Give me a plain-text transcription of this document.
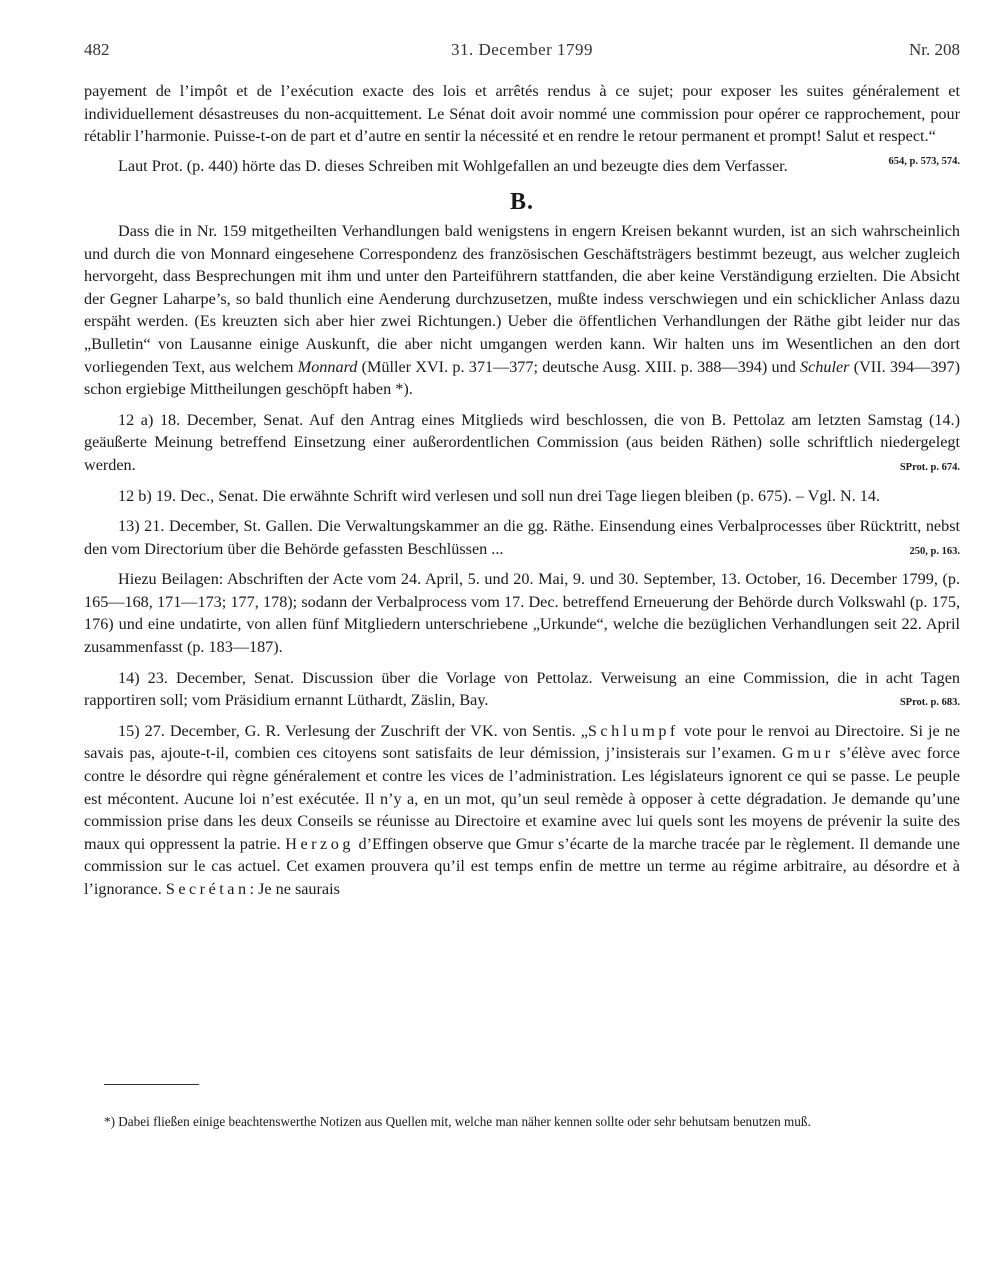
482	31. December 1799	Nr. 208

payement de l’impôt et de l’exécution exacte des lois et arrêtés rendus à ce sujet; pour exposer les suites généralement et individuellement désastreuses du non-acquittement. Le Sénat doit avoir nommé une commission pour opérer ce rapprochement, pour rétablir l’harmonie. Puisse-t-on de part et d’autre en sentir la nécessité et en rendre le retour permanent et prompt! Salut et respect.“
654, p. 573, 574.

Laut Prot. (p. 440) hörte das D. dieses Schreiben mit Wohlgefallen an und bezeugte dies dem Verfasser.

B.

Dass die in Nr. 159 mitgetheilten Verhandlungen bald wenigstens in engern Kreisen bekannt wurden, ist an sich wahrscheinlich und durch die von Monnard eingesehene Correspondenz des französischen Geschäftsträgers bestimmt bezeugt, aus welcher zugleich hervorgeht, dass Besprechungen mit ihm und unter den Parteiführern stattfanden, die aber keine Verständigung erzielten. Die Absicht der Gegner Laharpe’s, so bald thunlich eine Aenderung durchzusetzen, mußte indess verschwiegen und ein schicklicher Anlass dazu erspäht werden. (Es kreuzten sich aber hier zwei Richtungen.) Ueber die öffentlichen Verhandlungen der Räthe gibt leider nur das „Bulletin“ von Lausanne einige Auskunft, die aber nicht umgangen werden kann. Wir halten uns im Wesentlichen an den dort vorliegenden Text, aus welchem Monnard (Müller XVI. p. 371—377; deutsche Ausg. XIII. p. 388—394) und Schuler (VII. 394—397) schon ergiebige Mittheilungen geschöpft haben *).

12 a) 18. December, Senat. Auf den Antrag eines Mitglieds wird beschlossen, die von B. Pettolaz am letzten Samstag (14.) geäußerte Meinung betreffend Einsetzung einer außerordentlichen Commission (aus beiden Räthen) solle schriftlich niedergelegt werden.	SProt. p. 674.

12 b) 19. Dec., Senat. Die erwähnte Schrift wird verlesen und soll nun drei Tage liegen bleiben (p. 675). – Vgl. N. 14.

13) 21. December, St. Gallen. Die Verwaltungskammer an die gg. Räthe. Einsendung eines Verbalprocesses über Rücktritt, nebst den vom Directorium über die Behörde gefassten Beschlüssen ...	250, p. 163.

Hiezu Beilagen: Abschriften der Acte vom 24. April, 5. und 20. Mai, 9. und 30. September, 13. October, 16. December 1799, (p. 165—168, 171—173; 177, 178); sodann der Verbalprocess vom 17. Dec. betreffend Erneuerung der Behörde durch Volkswahl (p. 175, 176) und eine undatirte, von allen fünf Mitgliedern unterschriebene „Urkunde“, welche die bezüglichen Verhandlungen seit 22. April zusammenfasst (p. 183—187).

14) 23. December, Senat. Discussion über die Vorlage von Pettolaz. Verweisung an eine Commission, die in acht Tagen rapportiren soll; vom Präsidium ernannt Lüthardt, Zäslin, Bay.	SProt. p. 683.

15) 27. December, G. R. Verlesung der Zuschrift der VK. von Sentis. „Schlumpf vote pour le renvoi au Directoire. Si je ne savais pas, ajoute-t-il, combien ces citoyens sont satisfaits de leur démission, j’insisterais sur l’examen. Gmur s’élève avec force contre le désordre qui règne généralement et contre les vices de l’administration. Les législateurs ignorent ce qui se passe. Le peuple est mécontent. Aucune loi n’est exécutée. Il n’y a, en un mot, qu’un seul remède à opposer à cette dégradation. Je demande qu’une commission prise dans les deux Conseils se réunisse au Directoire et examine avec lui quels sont les moyens de prévenir la suite des maux qui oppressent la patrie. Herzog d’Effingen observe que Gmur s’écarte de la marche tracée par le règlement. Il demande une commission sur le cas actuel. Cet examen prouvera qu’il est temps enfin de mettre un terme au régime arbitraire, au désordre et à l’ignorance. Secrétan: Je ne saurais

*) Dabei fließen einige beachtenswerthe Notizen aus Quellen mit, welche man näher kennen sollte oder sehr behutsam benutzen muß.
